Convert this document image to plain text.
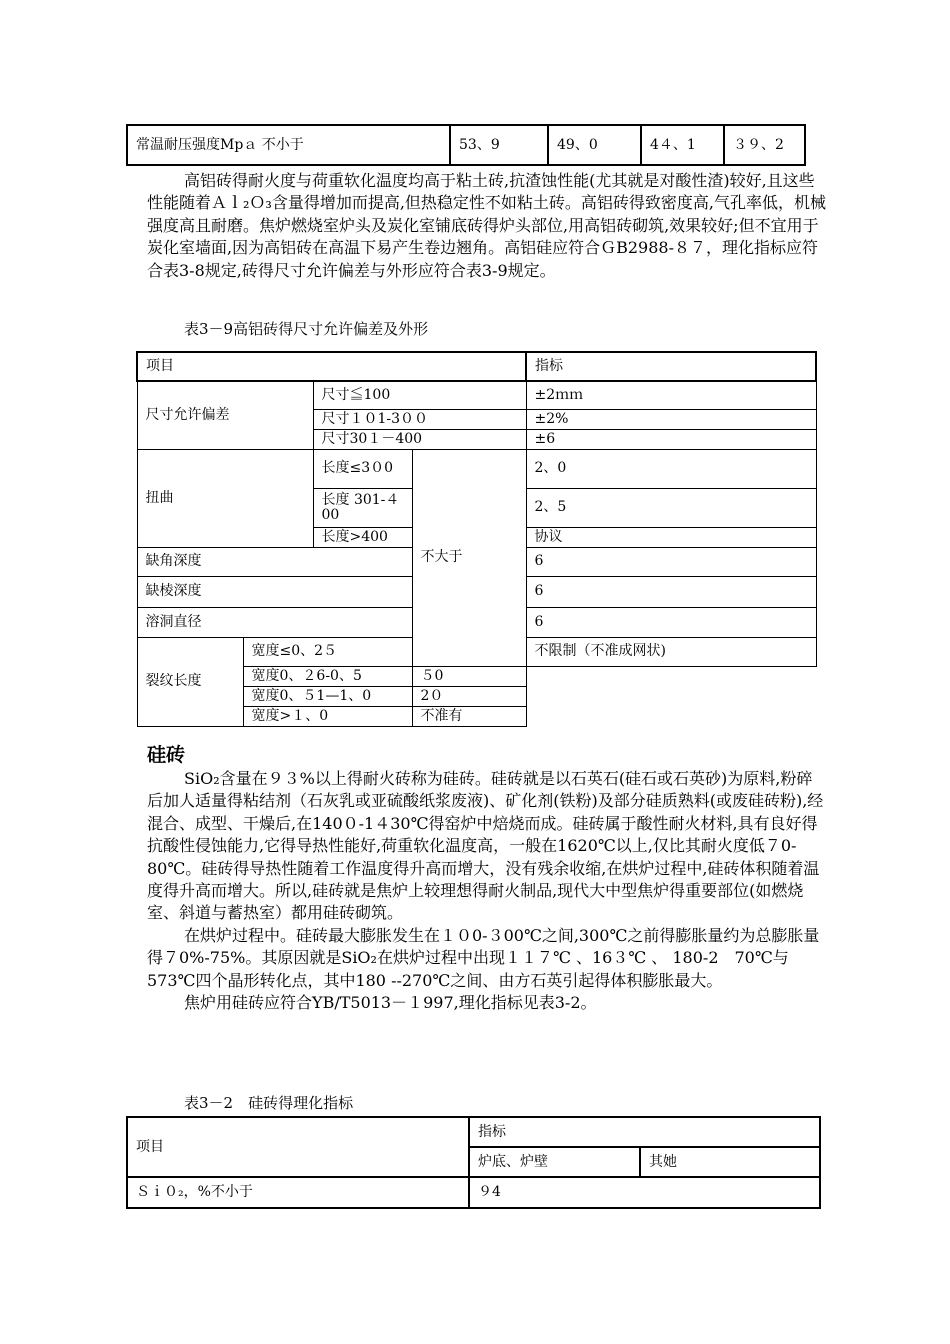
常温耐压强度Mpａ 不小于	53、9	49、0	4４、1	３９、2

高铝砖得耐火度与荷重软化温度均高于粘土砖,抗渣蚀性能(尤其就是对酸性渣)较好,且这些性能随着Ａｌ₂Ｏ₃含量得增加而提高,但热稳定性不如粘土砖。高铝砖得致密度高,气孔率低，机械强度高且耐磨。焦炉燃烧室炉头及炭化室铺底砖得炉头部位,用高铝砖砌筑,效果较好;但不宜用于炭化室墙面,因为高铝砖在高温下易产生卷边翘角。高铝硅应符合ＧB2988-８７，理化指标应符合表3-8规定,砖得尺寸允许偏差与外形应符合表3-9规定。

表3－9高铝砖得尺寸允许偏差及外形
项目				指标
尺寸允许偏差		尺寸≦100		±2ｍｍ
		尺寸１０1-3００		±2%
		尺寸30１－400		±6
扭曲		长度≤3０0	不大于	2、0
		长度 301-４00		2、5
		长度>400		协议
缺角深度				6
缺棱深度				6
溶洞直径				6
裂纹长度	宽度≤0、2５			不限制（不准成网状)
	宽度0、２6-0、5		５0	
	宽度0、５1—1、0		2０	
	宽度>１、0		不准有	
硅砖

SiO₂含量在９３%以上得耐火砖称为硅砖。硅砖就是以石英石(硅石或石英砂)为原料,粉碎后加人适量得粘结剂（石灰乳或亚硫酸纸浆废液)、矿化剂(铁粉)及部分硅质熟料(或废硅砖粉),经混合、成型、干燥后,在140０-1４30℃得窑炉中焙烧而成。硅砖属于酸性耐火材料,具有良好得抗酸性侵蚀能力,它得导热性能好,荷重软化温度高，一般在1620℃以上,仅比其耐火度低７0-80℃。硅砖得导热性随着工作温度得升高而增大，没有残余收缩,在烘炉过程中,硅砖体积随着温度得升高而增大。所以,硅砖就是焦炉上较理想得耐火制品,现代大中型焦炉得重要部位(如燃烧室、斜道与蓄热室）都用硅砖砌筑。

在烘炉过程中。硅砖最大膨胀发生在１０0-３00℃之间,300℃之前得膨胀量约为总膨胀量得７0%-75%。其原因就是SiO₂在烘炉过程中出现１１７℃ 、16３℃ 、 180-2　70℃与573℃四个晶形转化点，其中180 --270℃之间、由方石英引起得体积膨胀最大。

焦炉用硅砖应符合YB/T5013－１997,理化指标见表3-2。

表3－2　硅砖得理化指标
项目	指标	
	炉底、炉壁	其她
Ｓｉ０₂，%不小于	９4	
